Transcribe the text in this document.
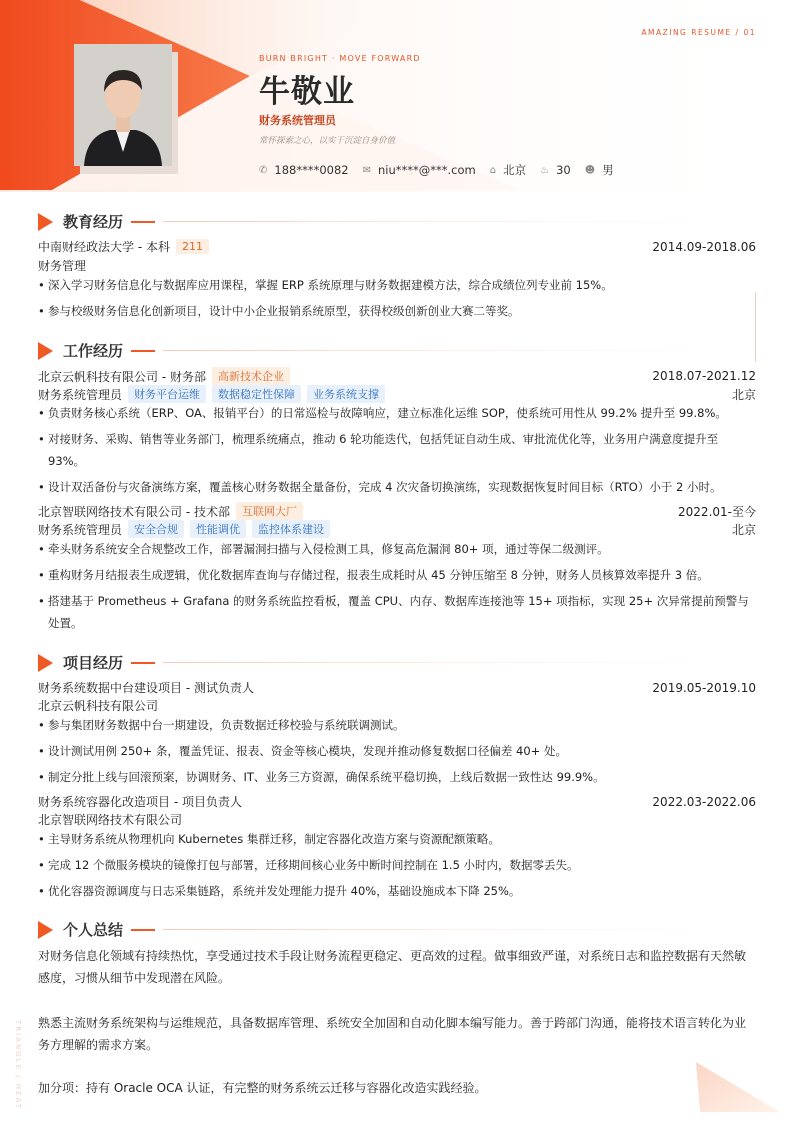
AMAZING RESUME / 01
BURN BRIGHT · MOVE FORWARD
牛敬业
财务系统管理员
常怀探索之心，以实干沉淀自身价值
✆ 188****0082 ✉ niu****@***.com ⌂ 北京 ♨ 30 ☻ 男
教育经历
中南财经政法大学 - 本科	211	2014.09-2018.06
财务管理
• 深入学习财务信息化与数据库应用课程，掌握 ERP 系统原理与财务数据建模方法，综合成绩位列专业前 15%。
• 参与校级财务信息化创新项目，设计中小企业报销系统原型，获得校级创新创业大赛二等奖。
工作经历
北京云帆科技有限公司 - 财务部	高新技术企业	2018.07-2021.12
财务系统管理员	财务平台运维	数据稳定性保障	业务系统支撑	北京
• 负责财务核心系统（ERP、OA、报销平台）的日常巡检与故障响应，建立标准化运维 SOP，使系统可用性从 99.2% 提升至 99.8%。
• 对接财务、采购、销售等业务部门，梳理系统痛点，推动 6 轮功能迭代，包括凭证自动生成、审批流优化等，业务用户满意度提升至 93%。
• 设计双活备份与灾备演练方案，覆盖核心财务数据全量备份，完成 4 次灾备切换演练，实现数据恢复时间目标（RTO）小于 2 小时。
北京智联网络技术有限公司 - 技术部	互联网大厂	2022.01-至今
财务系统管理员	安全合规	性能调优	监控体系建设	北京
• 牵头财务系统安全合规整改工作，部署漏洞扫描与入侵检测工具，修复高危漏洞 80+ 项，通过等保二级测评。
• 重构财务月结报表生成逻辑，优化数据库查询与存储过程，报表生成耗时从 45 分钟压缩至 8 分钟，财务人员核算效率提升 3 倍。
• 搭建基于 Prometheus + Grafana 的财务系统监控看板，覆盖 CPU、内存、数据库连接池等 15+ 项指标，实现 25+ 次异常提前预警与处置。
项目经历
财务系统数据中台建设项目 - 测试负责人	2019.05-2019.10
北京云帆科技有限公司
• 参与集团财务数据中台一期建设，负责数据迁移校验与系统联调测试。
• 设计测试用例 250+ 条，覆盖凭证、报表、资金等核心模块，发现并推动修复数据口径偏差 40+ 处。
• 制定分批上线与回滚预案，协调财务、IT、业务三方资源，确保系统平稳切换，上线后数据一致性达 99.9%。
财务系统容器化改造项目 - 项目负责人	2022.03-2022.06
北京智联网络技术有限公司
• 主导财务系统从物理机向 Kubernetes 集群迁移，制定容器化改造方案与资源配额策略。
• 完成 12 个微服务模块的镜像打包与部署，迁移期间核心业务中断时间控制在 1.5 小时内，数据零丢失。
• 优化容器资源调度与日志采集链路，系统并发处理能力提升 40%，基础设施成本下降 25%。
个人总结
对财务信息化领域有持续热忱，享受通过技术手段让财务流程更稳定、更高效的过程。做事细致严谨，对系统日志和监控数据有天然敏感度，习惯从细节中发现潜在风险。
熟悉主流财务系统架构与运维规范，具备数据库管理、系统安全加固和自动化脚本编写能力。善于跨部门沟通，能将技术语言转化为业务方理解的需求方案。
加分项：持有 Oracle OCA 认证，有完整的财务系统云迁移与容器化改造实践经验。
TRIANGLE / HEAT
